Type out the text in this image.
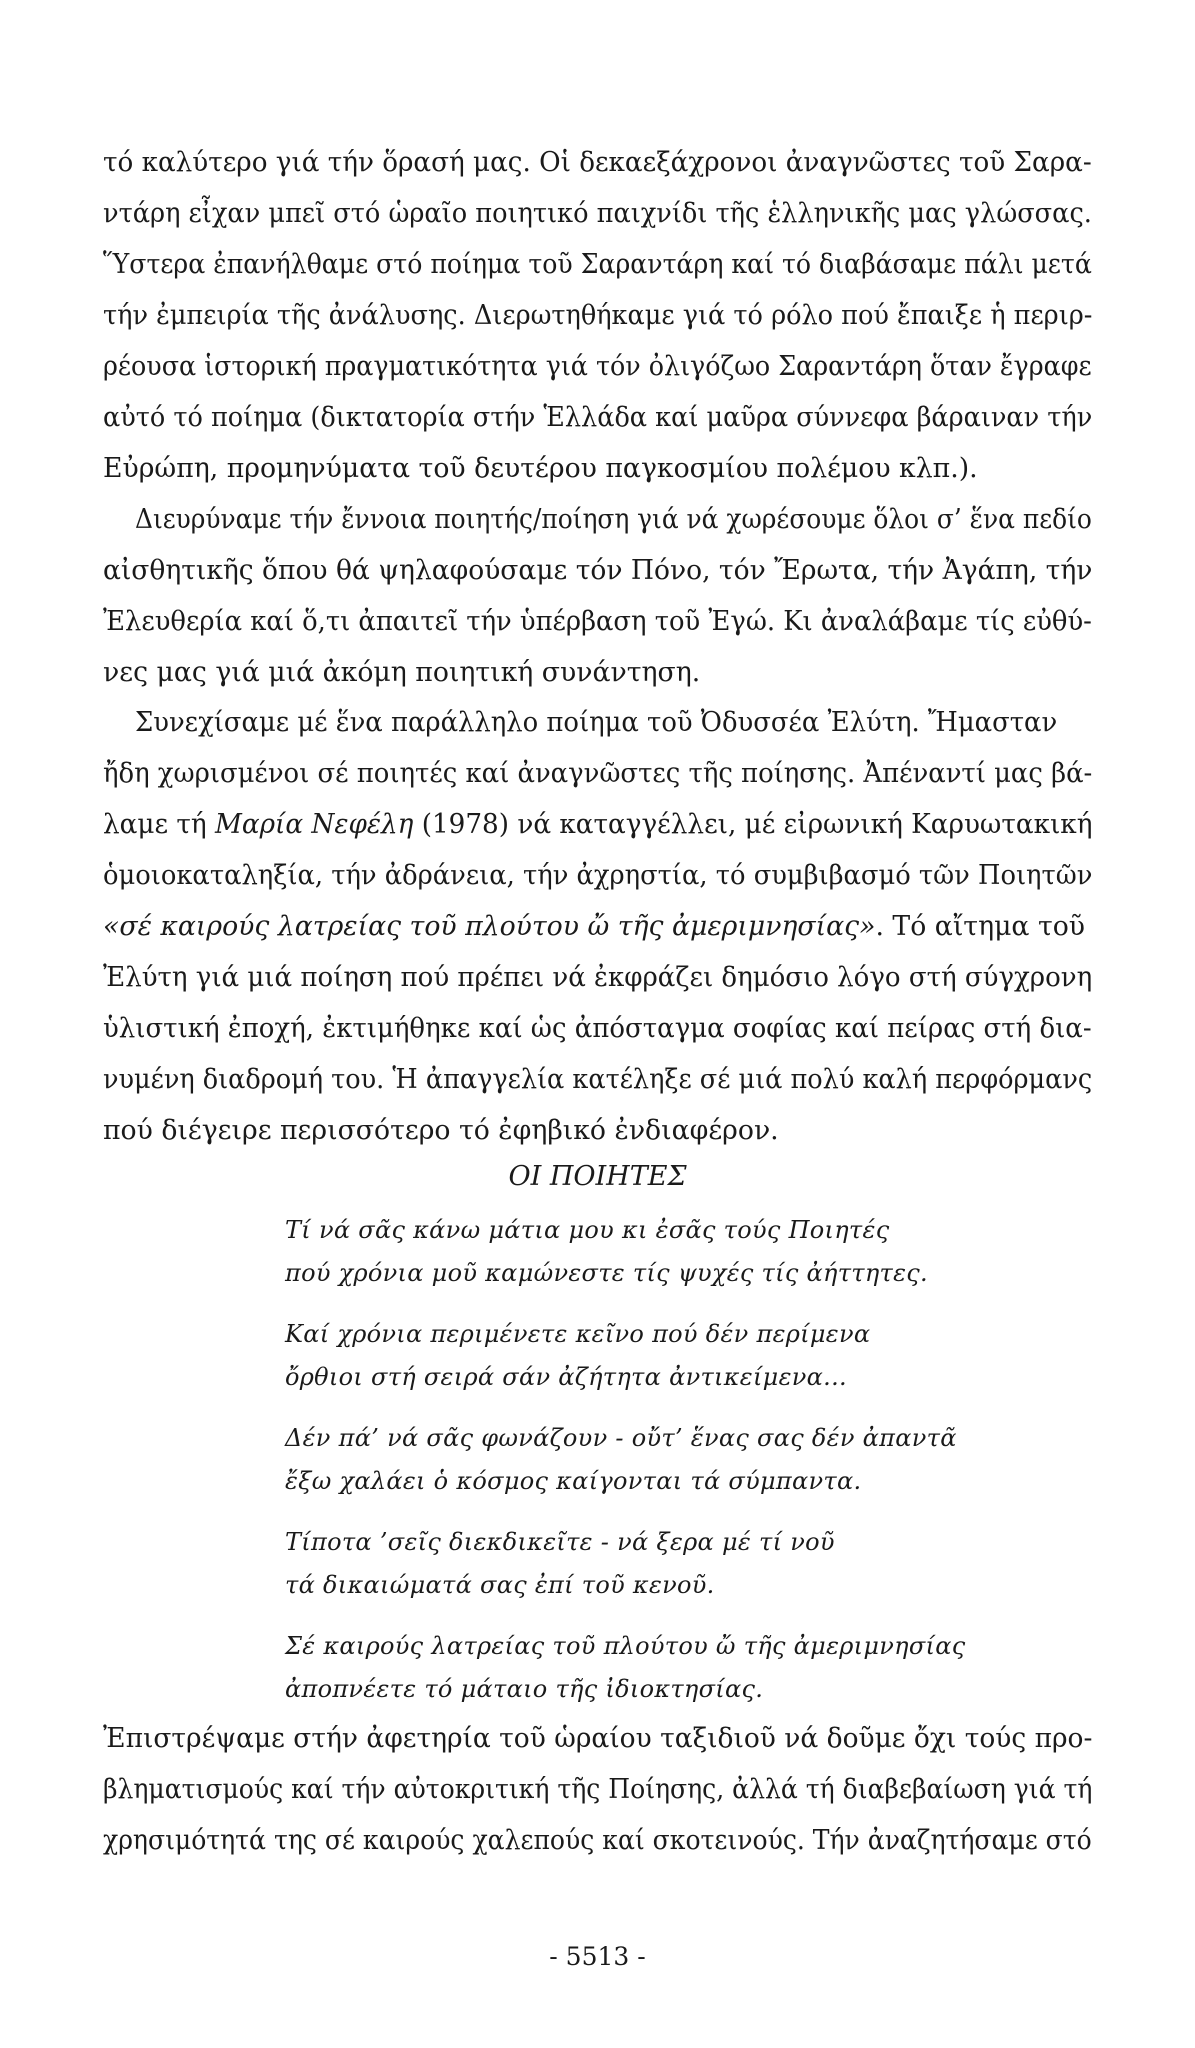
τό καλύτερο γιά τήν ὅρασή μας. Οἱ δεκαεξάχρονοι ἀναγνῶστες τοῦ Σαρα-
ντάρη εἶχαν μπεῖ στό ὡραῖο ποιητικό παιχνίδι τῆς ἑλληνικῆς μας γλώσσας.
Ὕστερα ἐπανήλθαμε στό ποίημα τοῦ Σαραντάρη καί τό διαβάσαμε πάλι μετά
τήν ἐμπειρία τῆς ἀνάλυσης. Διερωτηθήκαμε γιά τό ρόλο πού ἔπαιξε ἡ περιρ-
ρέουσα ἱστορική πραγματικότητα γιά τόν ὀλιγόζωο Σαραντάρη ὅταν ἔγραφε
αὐτό τό ποίημα (δικτατορία στήν Ἑλλάδα καί μαῦρα σύννεφα βάραιναν τήν
Εὐρώπη, προμηνύματα τοῦ δευτέρου παγκοσμίου πολέμου κλπ.).
Διευρύναμε τήν ἔννοια ποιητής/ποίηση γιά νά χωρέσουμε ὅλοι σ’ ἕνα πεδίο
αἰσθητικῆς ὅπου θά ψηλαφούσαμε τόν Πόνο, τόν Ἔρωτα, τήν Ἀγάπη, τήν
Ἐλευθερία καί ὅ,τι ἀπαιτεῖ τήν ὑπέρβαση τοῦ Ἐγώ. Κι ἀναλάβαμε τίς εὐθύ-
νες μας γιά μιά ἀκόμη ποιητική συνάντηση.
Συνεχίσαμε μέ ἕνα παράλληλο ποίημα τοῦ Ὀδυσσέα Ἐλύτη. Ἤμασταν
ἤδη χωρισμένοι σέ ποιητές καί ἀναγνῶστες τῆς ποίησης. Ἀπέναντί μας βά-
λαμε τή Μαρία Νεφέλη (1978) νά καταγγέλλει, μέ εἰρωνική Καρυωτακική
ὁμοιοκαταληξία, τήν ἀδράνεια, τήν ἀχρηστία, τό συμβιβασμό τῶν Ποιητῶν
«σέ καιρούς λατρείας τοῦ πλούτου ὤ τῆς ἀμεριμνησίας». Τό αἴτημα τοῦ
Ἐλύτη γιά μιά ποίηση πού πρέπει νά ἐκφράζει δημόσιο λόγο στή σύγχρονη
ὑλιστική ἐποχή, ἐκτιμήθηκε καί ὡς ἀπόσταγμα σοφίας καί πείρας στή δια-
νυμένη διαδρομή του. Ἡ ἀπαγγελία κατέληξε σέ μιά πολύ καλή περφόρμανς
πού διέγειρε περισσότερο τό ἐφηβικό ἐνδιαφέρον.
ΟΙ ΠΟΙΗΤΕΣ
Τί νά σᾶς κάνω μάτια μου κι ἐσᾶς τούς Ποιητές
πού χρόνια μοῦ καμώνεστε τίς ψυχές τίς ἀήττητες.
Καί χρόνια περιμένετε κεῖνο πού δέν περίμενα
ὄρθιοι στή σειρά σάν ἀζήτητα ἀντικείμενα...
Δέν πά’ νά σᾶς φωνάζουν - οὔτ’ ἕνας σας δέν ἀπαντᾶ
ἔξω χαλάει ὁ κόσμος καίγονται τά σύμπαντα.
Τίποτα ’σεῖς διεκδικεῖτε - νά ξερα μέ τί νοῦ
τά δικαιώματά σας ἐπί τοῦ κενοῦ.
Σέ καιρούς λατρείας τοῦ πλούτου ὤ τῆς ἀμεριμνησίας
ἀποπνέετε τό μάταιο τῆς ἰδιοκτησίας.
Ἐπιστρέψαμε στήν ἀφετηρία τοῦ ὡραίου ταξιδιοῦ νά δοῦμε ὄχι τούς προ-
βληματισμούς καί τήν αὐτοκριτική τῆς Ποίησης, ἀλλά τή διαβεβαίωση γιά τή
χρησιμότητά της σέ καιρούς χαλεπούς καί σκοτεινούς. Τήν ἀναζητήσαμε στό
- 5513 -
